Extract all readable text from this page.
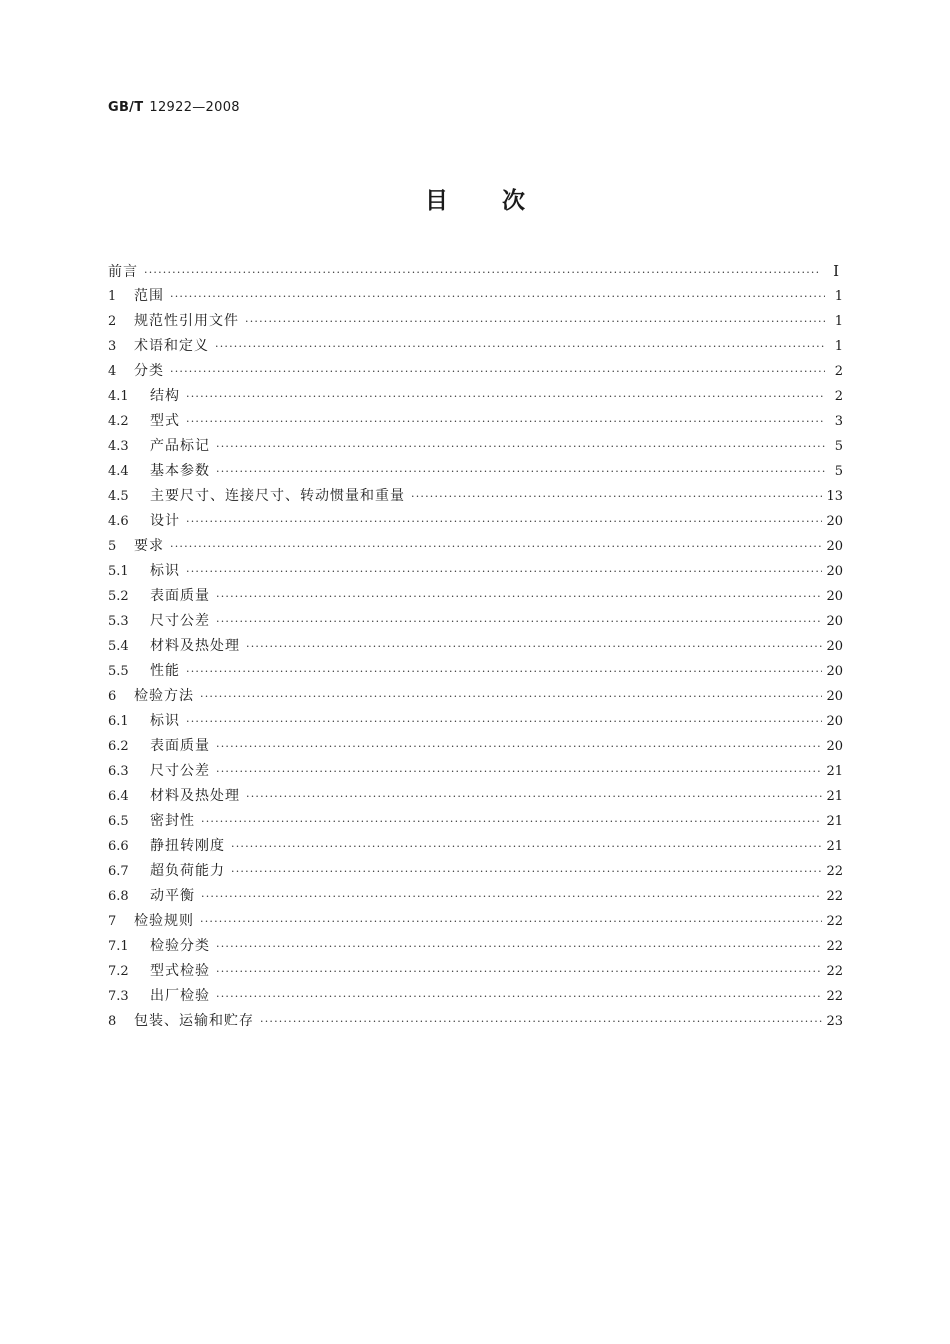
GB/T 12922—2008
目 次
前言 ·····	Ⅰ
1	范围 ·····	1
2	规范性引用文件 ·····	1
3	术语和定义 ·····	1
4	分类 ·····	2
4.1	结构 ·····	2
4.2	型式 ·····	3
4.3	产品标记 ·····	5
4.4	基本参数 ·····	5
4.5	主要尺寸、连接尺寸、转动惯量和重量 ·····	13
4.6	设计 ·····	20
5	要求 ·····	20
5.1	标识 ·····	20
5.2	表面质量 ·····	20
5.3	尺寸公差 ·····	20
5.4	材料及热处理 ·····	20
5.5	性能 ·····	20
6	检验方法 ·····	20
6.1	标识 ·····	20
6.2	表面质量 ·····	20
6.3	尺寸公差 ·····	21
6.4	材料及热处理 ·····	21
6.5	密封性 ·····	21
6.6	静扭转刚度 ·····	21
6.7	超负荷能力 ·····	22
6.8	动平衡 ·····	22
7	检验规则 ·····	22
7.1	检验分类 ·····	22
7.2	型式检验 ·····	22
7.3	出厂检验 ·····	22
8	包装、运输和贮存 ·····	23
